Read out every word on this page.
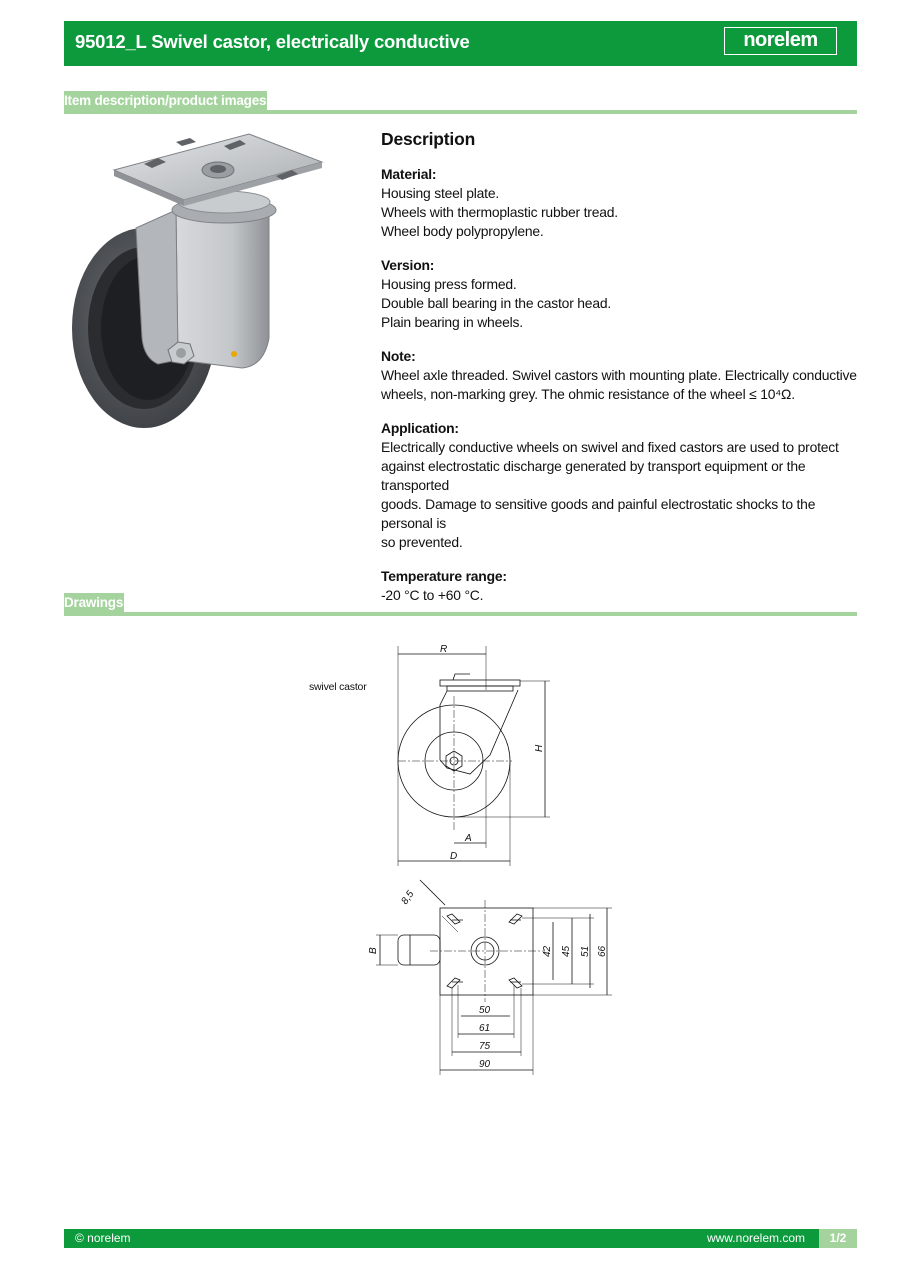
95012_L Swivel castor, electrically conductive	norelem
Item description/product images
Description
Material:
Housing steel plate.
Wheels with thermoplastic rubber tread.
Wheel body polypropylene.
Version:
Housing press formed.
Double ball bearing in the castor head.
Plain bearing in wheels.
Note:
Wheel axle threaded. Swivel castors with mounting plate. Electrically conductive
wheels, non-marking grey. The ohmic resistance of the wheel ≤ 10⁴Ω.
Application:
Electrically conductive wheels on swivel and fixed castors are used to protect
against electrostatic discharge generated by transport equipment or the transported
goods. Damage to sensitive goods and painful electrostatic shocks to the personal is
so prevented.
Temperature range:
-20 °C to +60 °C.
Drawings
swivel castor
R
H
A
D
8,5
B	42 45 51 66
50
61
75
90
© norelem	www.norelem.com	1/2
